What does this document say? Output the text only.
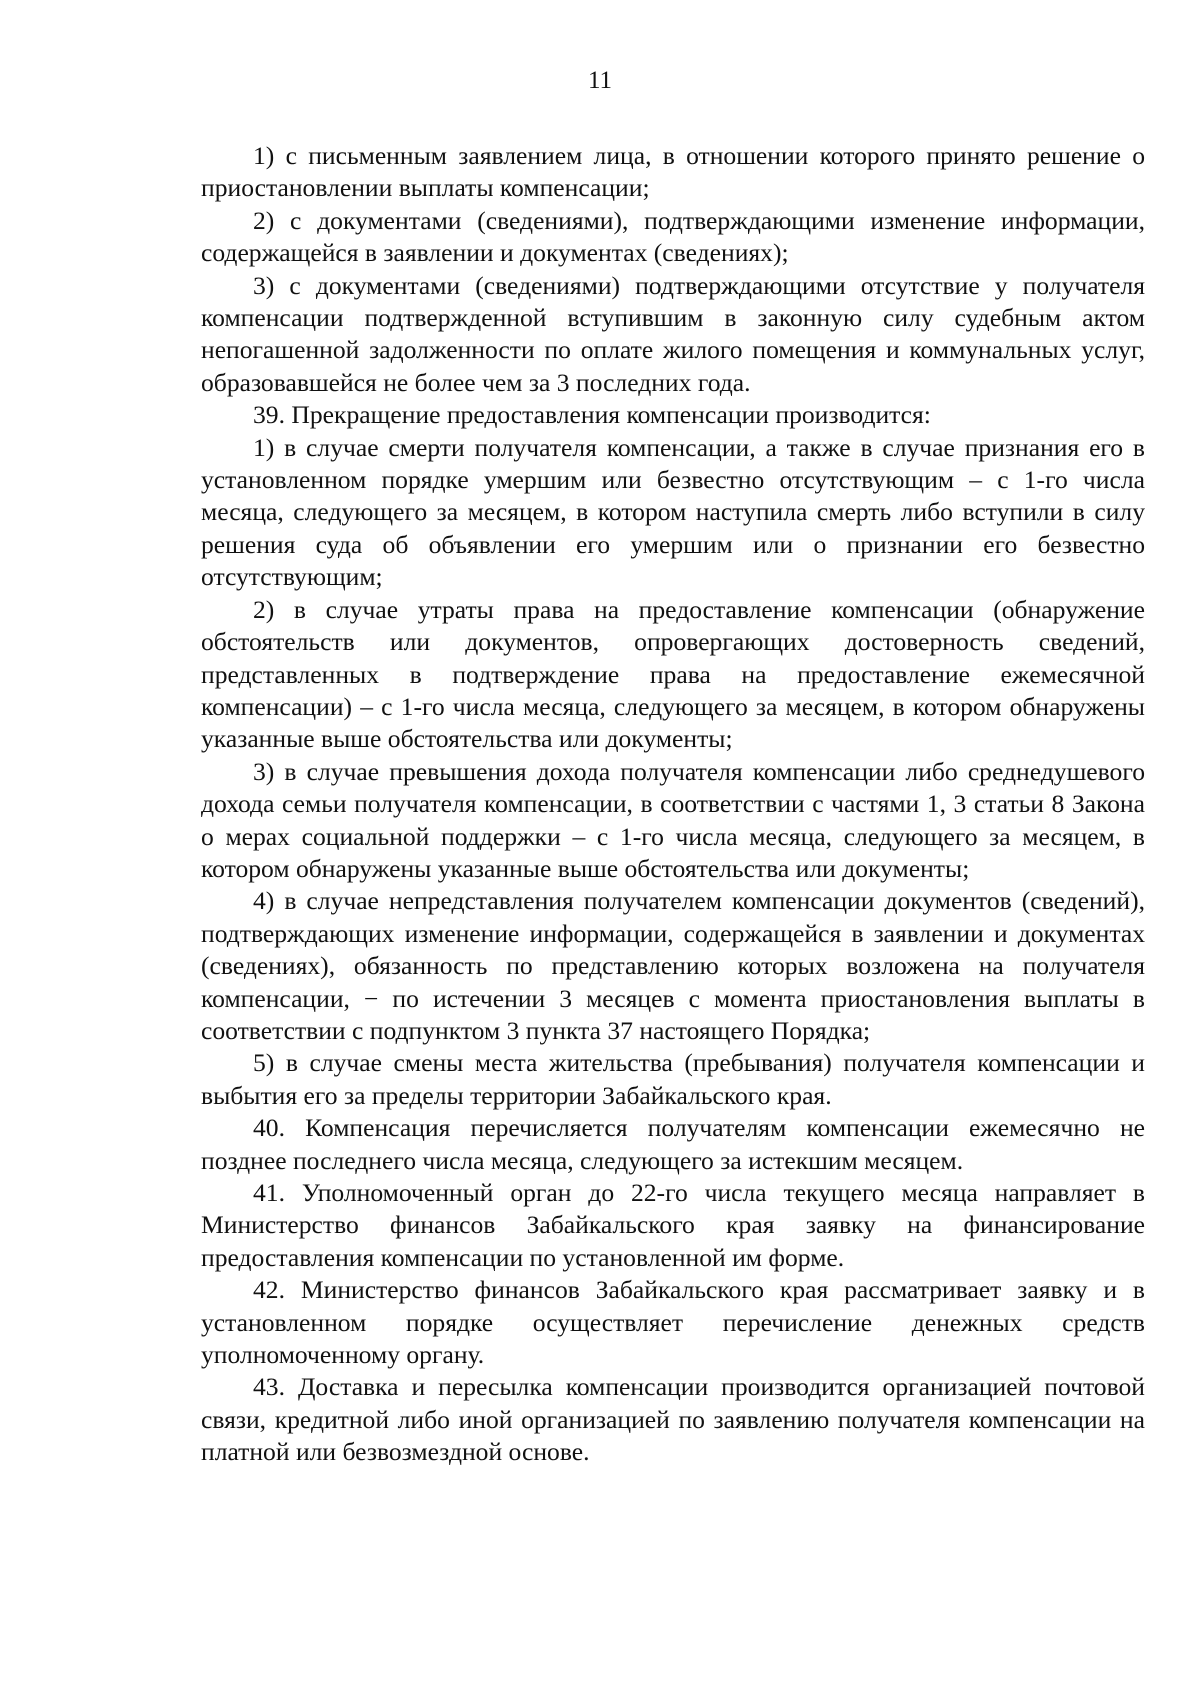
11

1) с письменным заявлением лица, в отношении которого принято решение о приостановлении выплаты компенсации;

2) с документами (сведениями), подтверждающими изменение информации, содержащейся в заявлении и документах (сведениях);

3) с документами (сведениями) подтверждающими отсутствие у получателя компенсации подтвержденной вступившим в законную силу судебным актом непогашенной задолженности по оплате жилого помещения и коммунальных услуг, образовавшейся не более чем за 3 последних года.

39. Прекращение предоставления компенсации производится:

1) в случае смерти получателя компенсации, а также в случае признания его в установленном порядке умершим или безвестно отсутствующим – с 1-го числа месяца, следующего за месяцем, в котором наступила смерть либо вступили в силу решения суда об объявлении его умершим или о признании его безвестно отсутствующим;

2) в случае утраты права на предоставление компенсации (обнаружение обстоятельств или документов, опровергающих достоверность сведений, представленных в подтверждение права на предоставление ежемесячной компенсации) – с 1-го числа месяца, следующего за месяцем, в котором обнаружены указанные выше обстоятельства или документы;

3) в случае превышения дохода получателя компенсации либо среднедушевого дохода семьи получателя компенсации, в соответствии с частями 1, 3 статьи 8 Закона о мерах социальной поддержки – с 1-го числа месяца, следующего за месяцем, в котором обнаружены указанные выше обстоятельства или документы;

4) в случае непредставления получателем компенсации документов (сведений), подтверждающих изменение информации, содержащейся в заявлении и документах (сведениях), обязанность по представлению которых возложена на получателя компенсации, − по истечении 3 месяцев с момента приостановления выплаты в соответствии с подпунктом 3 пункта 37 настоящего Порядка;

5) в случае смены места жительства (пребывания) получателя компенсации и выбытия его за пределы территории Забайкальского края.

40. Компенсация перечисляется получателям компенсации ежемесячно не позднее последнего числа месяца, следующего за истекшим месяцем.

41. Уполномоченный орган до 22-го числа текущего месяца направляет в Министерство финансов Забайкальского края заявку на финансирование предоставления компенсации по установленной им форме.

42. Министерство финансов Забайкальского края рассматривает заявку и в установленном порядке осуществляет перечисление денежных средств уполномоченному органу.

43. Доставка и пересылка компенсации производится организацией почтовой связи, кредитной либо иной организацией по заявлению получателя компенсации на платной или безвозмездной основе.
